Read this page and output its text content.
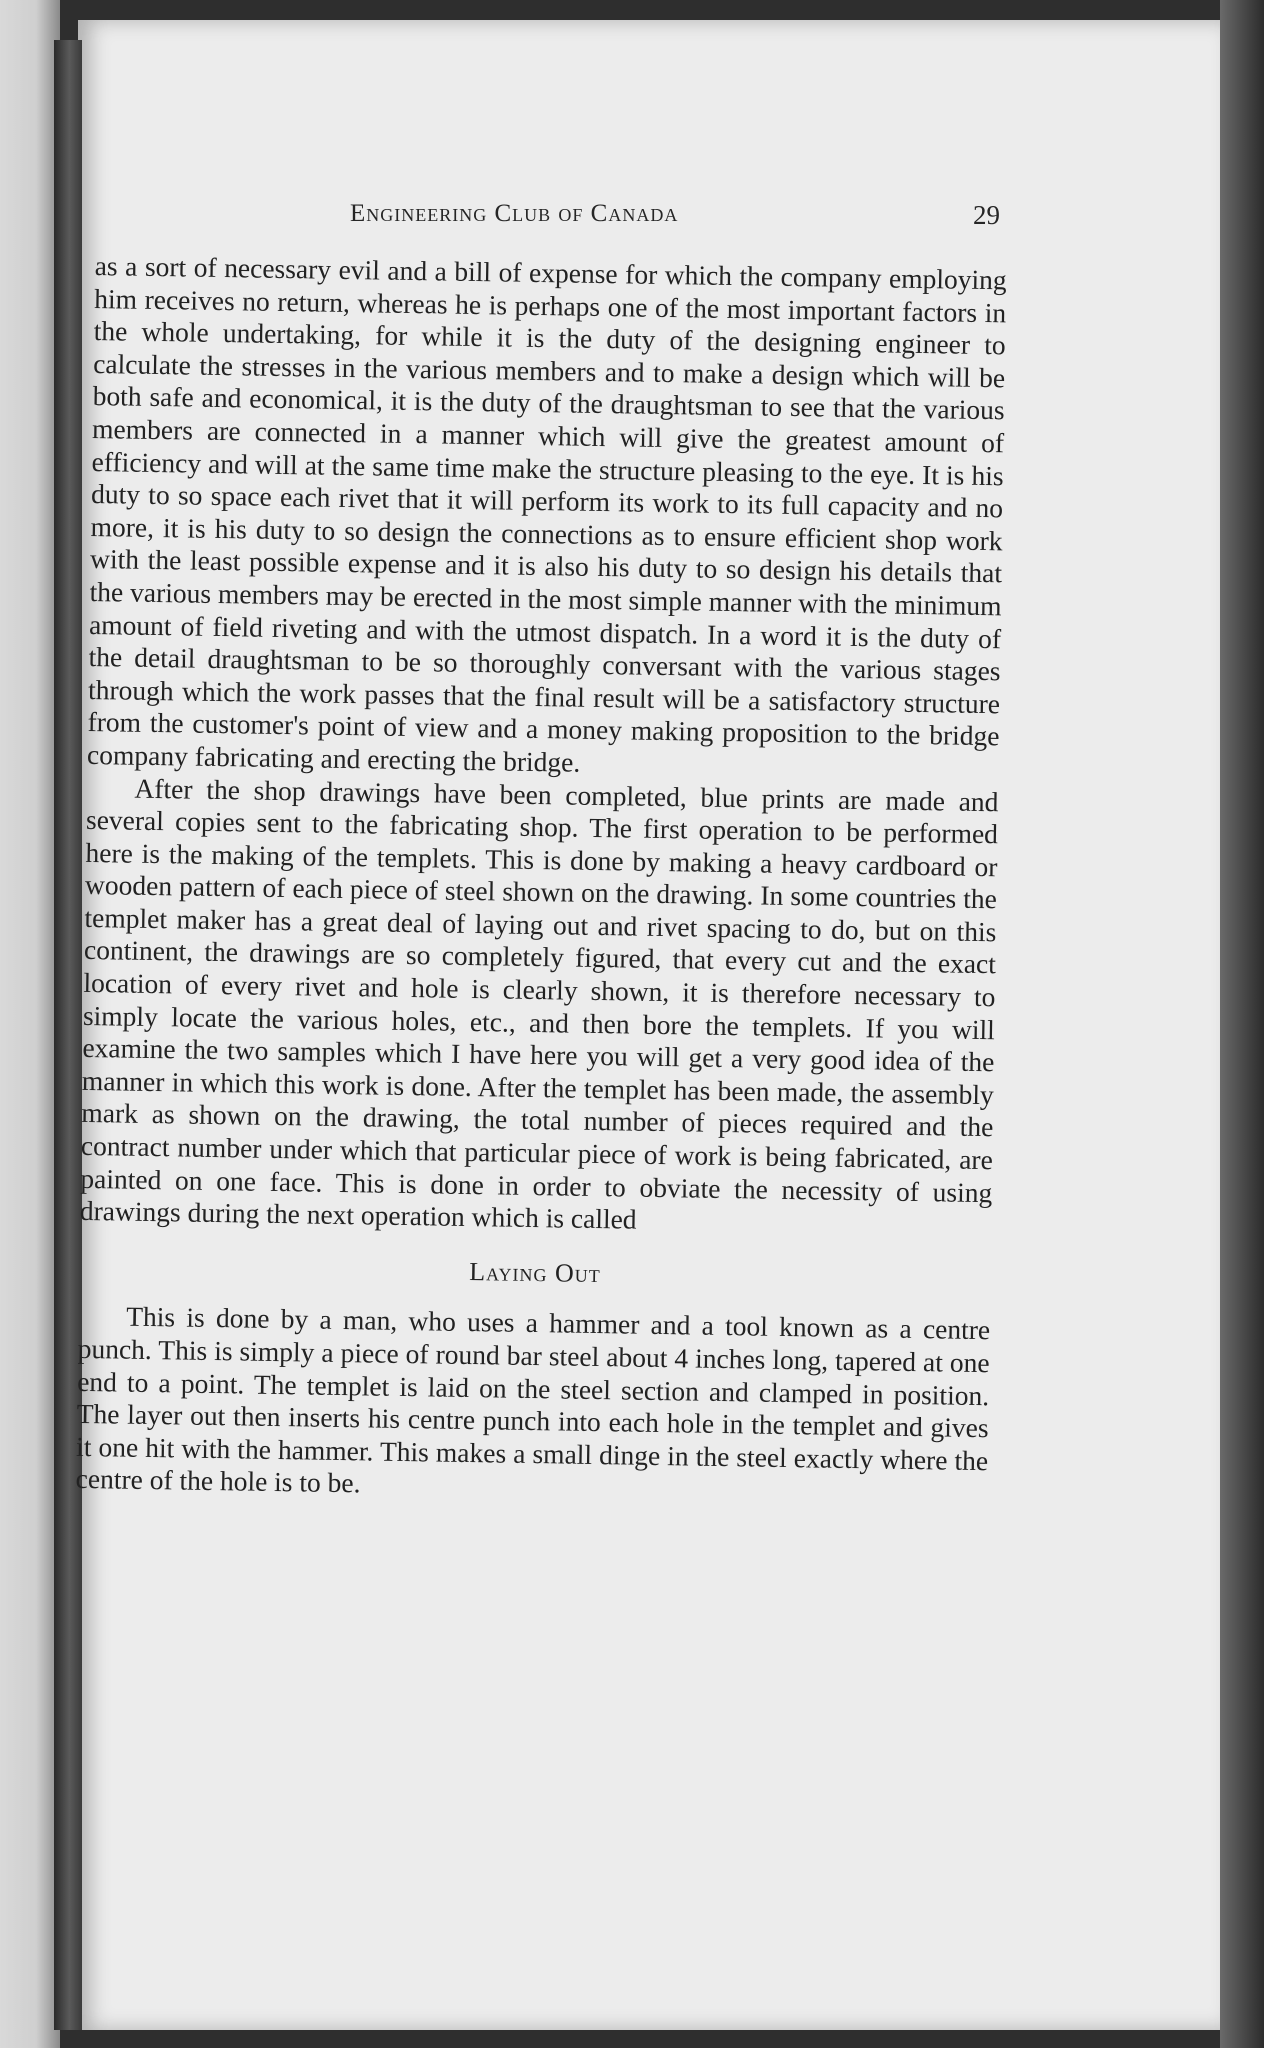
Engineering Club of Canada	29

as a sort of necessary evil and a bill of expense for which the company employing him receives no return, whereas he is perhaps one of the most important factors in the whole undertaking, for while it is the duty of the designing engineer to calculate the stresses in the various members and to make a design which will be both safe and economical, it is the duty of the draughtsman to see that the various members are connected in a manner which will give the greatest amount of efficiency and will at the same time make the structure pleasing to the eye. It is his duty to so space each rivet that it will perform its work to its full capacity and no more, it is his duty to so design the connections as to ensure efficient shop work with the least possible expense and it is also his duty to so design his details that the various members may be erected in the most simple manner with the minimum amount of field riveting and with the utmost dispatch. In a word it is the duty of the detail draughtsman to be so thoroughly conversant with the various stages through which the work passes that the final result will be a satisfactory structure from the customer's point of view and a money making proposition to the bridge company fabricating and erecting the bridge.

After the shop drawings have been completed, blue prints are made and several copies sent to the fabricating shop. The first operation to be performed here is the making of the templets. This is done by making a heavy cardboard or wooden pattern of each piece of steel shown on the drawing. In some countries the templet maker has a great deal of laying out and rivet spacing to do, but on this continent, the drawings are so completely figured, that every cut and the exact location of every rivet and hole is clearly shown, it is therefore necessary to simply locate the various holes, etc., and then bore the templets. If you will examine the two samples which I have here you will get a very good idea of the manner in which this work is done. After the templet has been made, the assembly mark as shown on the drawing, the total number of pieces required and the contract number under which that particular piece of work is being fabricated, are painted on one face. This is done in order to obviate the necessity of using drawings during the next operation which is called

Laying Out

This is done by a man, who uses a hammer and a tool known as a centre punch. This is simply a piece of round bar steel about 4 inches long, tapered at one end to a point. The templet is laid on the steel section and clamped in position. The layer out then inserts his centre punch into each hole in the templet and gives it one hit with the hammer. This makes a small dinge in the steel exactly where the centre of the hole is to be.
